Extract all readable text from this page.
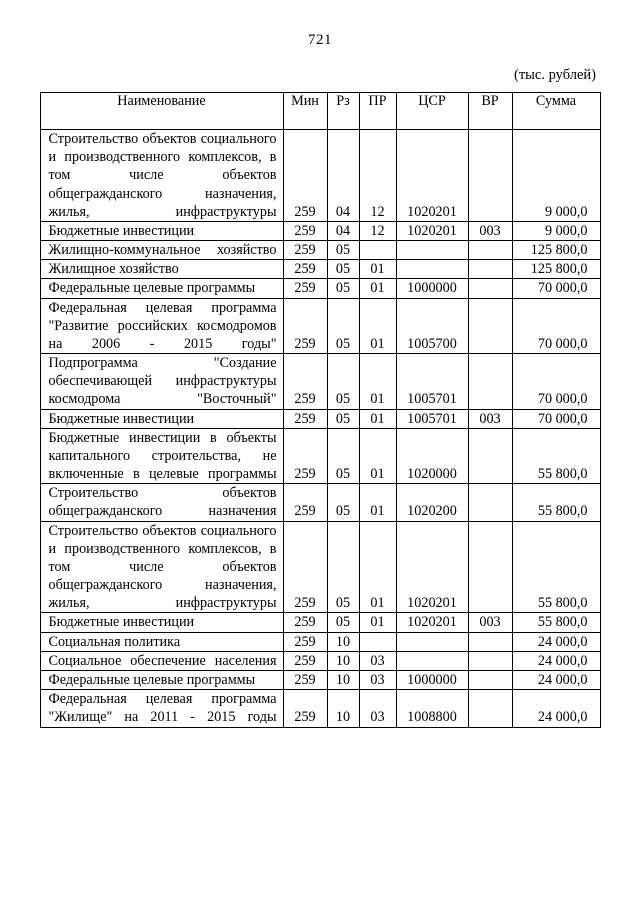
721
(тыс. рублей)
Наименование	Мин	Рз	ПР	ЦСР	ВР	Сумма
Строительство объектов социального и производственного комплексов, в том числе объектов общегражданского назначения, жилья, инфраструктуры	259	04	12	1020201		9 000,0
Бюджетные инвестиции	259	04	12	1020201	003	9 000,0
Жилищно-коммунальное хозяйство	259	05				125 800,0
Жилищное хозяйство	259	05	01			125 800,0
Федеральные целевые программы	259	05	01	1000000		70 000,0
Федеральная целевая программа "Развитие российских космодромов на 2006 - 2015 годы"	259	05	01	1005700		70 000,0
Подпрограмма "Создание обеспечивающей инфраструктуры космодрома "Восточный"	259	05	01	1005701		70 000,0
Бюджетные инвестиции	259	05	01	1005701	003	70 000,0
Бюджетные инвестиции в объекты капитального строительства, не включенные в целевые программы	259	05	01	1020000		55 800,0
Строительство объектов общегражданского назначения	259	05	01	1020200		55 800,0
Строительство объектов социального и производственного комплексов, в том числе объектов общегражданского назначения, жилья, инфраструктуры	259	05	01	1020201		55 800,0
Бюджетные инвестиции	259	05	01	1020201	003	55 800,0
Социальная политика	259	10				24 000,0
Социальное обеспечение населения	259	10	03			24 000,0
Федеральные целевые программы	259	10	03	1000000		24 000,0
Федеральная целевая программа "Жилище" на 2011 - 2015 годы	259	10	03	1008800		24 000,0
